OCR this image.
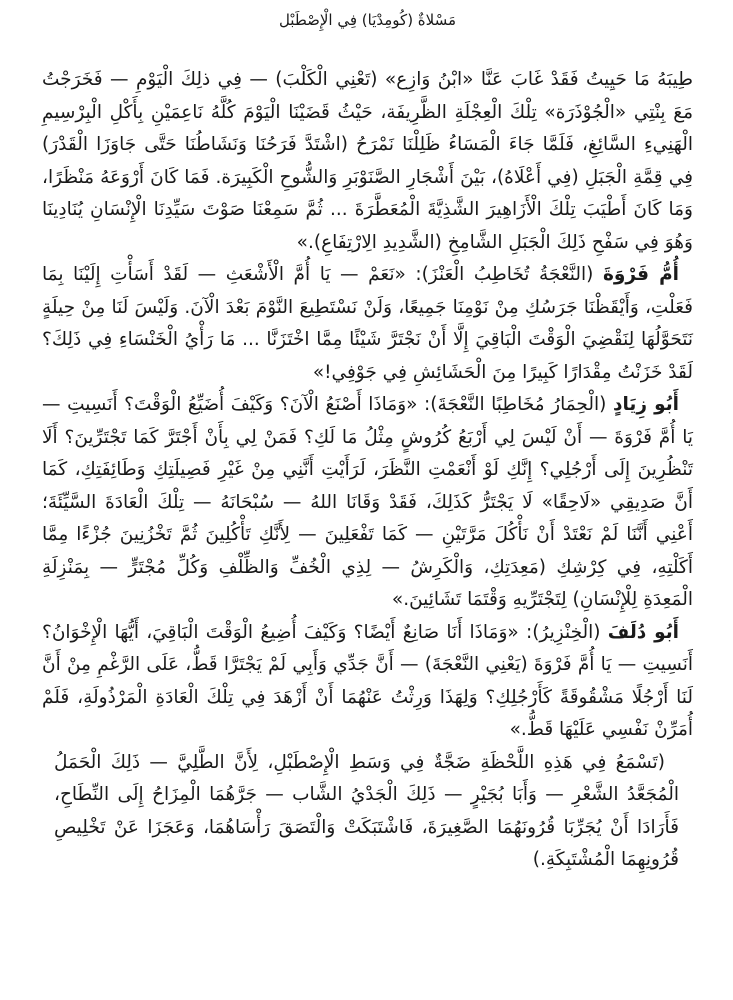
مَسْلاةٌ (كُومِدْيَا) فِي الْإِصْطَبْل

طِيبَهُ مَا حَيِيتُ فَقَدْ غَابَ عَنَّا «ابْنُ وَازِع» (تَعْنِي الْكَلْبَ) — فِي ذلِكَ الْيَوْمِ — فَخَرَجْتُ مَعَ بِنْتِي «الْجُوْذَرَة» تِلْكَ الْعِجْلَةِ الظَّرِيفَة، حَيْثُ قَضَيْنَا الْيَوْمَ كُلَّهُ نَاعِمَيْنِ بِأَكْلِ الْبِرْسِيمِ الْهَنِيءِ السَّائِغِ، فَلَمَّا جَاءَ الْمَسَاءُ ظَلِلْنَا نَمْرَحُ (اشْتَدَّ فَرَحُنَا وَنَشَاطُنَا حَتَّى جَاوَزَا الْقَدْرَ) فِي قِمَّةِ الْجَبَلِ (فِي أَعْلَاهُ)، بَيْنَ أَشْجَارِ الصَّنَوْبَرِ وَالشُّوحِ الْكَبِيرَة. فَمَا كَانَ أَرْوَعَهُ مَنْظَرًا، وَمَا كَانَ أَطْيَبَ تِلْكَ الْأَزَاهِيرَ الشَّذِيَّةَ الْمُعَطَّرَةَ ... ثُمَّ سَمِعْنَا صَوْتَ سَيِّدِنَا الْإِنْسَانِ يُنَادِينَا وَهُوَ فِي سَفْحِ ذَلِكَ الْجَبَلِ الشَّامِخِ (الشَّدِيدِ الِارْتِفَاعِ).»

أُمُّ فَرْوَةَ (النَّعْجَةُ تُخَاطِبُ الْعَنْزَ): «نَعَمْ — يَا أُمَّ الْأَشْعَثِ — لَقَدْ أَسَأْتِ إِلَيْنَا بِمَا فَعَلْتِ، وَأَيْقَظْنَا جَرَسُكِ مِنْ نَوْمِنَا جَمِيعًا، وَلَنْ نَسْتَطِيعَ النَّوْمَ بَعْدَ الْآنَ. وَلَيْسَ لَنَا مِنْ حِيلَةٍ نَتَحَوَّلُهَا لِنَقْضِيَ الْوَقْتَ الْبَاقِيَ إِلَّا أَنْ نَجْتَرَّ شَيْئًا مِمَّا اخْتَزَنَّا ... مَا رَأْيُ الْخَنْسَاءِ فِي ذَلِكَ؟ لَقَدْ خَزَنْتُ مِقْدَارًا كَبِيرًا مِنَ الْحَشَائِشِ فِي جَوْفِي!»

أَبُو زِيَادٍ (الْحِمَارُ مُخَاطِبًا النَّعْجَةَ): «وَمَاذَا أَصْنَعُ الْآنَ؟ وَكَيْفَ أُضَيِّعُ الْوَقْتَ؟ أَنَسِيتِ — يَا أُمَّ فَرْوَةَ — أَنْ لَيْسَ لِي أَرْبَعُ كُرُوشٍ مِثْلُ مَا لَكِ؟ فَمَنْ لِي بِأَنْ أَجْتَرَّ كَمَا تَجْتَرِّينَ؟ أَلَا تَنْظُرِينَ إِلَى أَرْجُلِي؟ إِنَّكِ لَوْ أَنْعَمْتِ النَّظَرَ، لَرَأَيْتِ أَنَّنِي مِنْ غَيْرِ فَصِيلَتِكِ وَطَائِفَتِكِ، كَمَا أَنَّ صَدِيقِي «لَاحِقًا» لَا يَجْتَرُّ كَذَلِكَ، فَقَدْ وَقَانَا اللهُ — سُبْحَانَهُ — تِلْكَ الْعَادَةَ السَّيِّئَةَ؛ أَعْنِي أَنَّنَا لَمْ نَعْتَدْ أَنْ نَأْكُلَ مَرَّتَيْنِ — كَمَا تَفْعَلِينَ — لِأَنَّكِ تَأْكُلِينَ ثُمَّ تَخْزُنِينَ جُزْءًا مِمَّا أَكَلْتِهِ، فِي كِرْشِكِ (مَعِدَتِكِ، وَالْكَرِشُ — لِذِي الْخُفِّ وَالظِّلْفِ وَكُلِّ مُجْتَرٍّ — بِمَنْزِلَةِ الْمَعِدَةِ لِلْإِنْسَانِ) لِتَجْتَرِّيهِ وَقْتَمَا تَشَائِينَ.»

أَبُو دُلَفَ (الْخِنْزِيرُ): «وَمَاذَا أَنَا صَانِعٌ أَيْضًا؟ وَكَيْفَ أُضِيعُ الْوَقْتَ الْبَاقِيَ، أَيُّهَا الْإِخْوَانُ؟ أَنَسِيتِ — يَا أُمَّ فَرْوَةَ (يَعْنِي النَّعْجَةَ) — أَنَّ جَدِّي وَأَبِي لَمْ يَجْتَرَّا قَطُّ، عَلَى الرَّغْمِ مِنْ أَنَّ لَنَا أَرْجُلًا مَشْقُوقَةً كَأَرْجُلِكِ؟ وَلِهَذَا وَرِثْتُ عَنْهُمَا أَنْ أَزْهَدَ فِي تِلْكَ الْعَادَةِ الْمَرْذُولَةِ، فَلَمْ أُمَرِّنْ نَفْسِي عَلَيْهَا قَطُّ.»

(تَسْمَعُ فِي هَذِهِ اللَّحْظَةِ ضَجَّةٌ فِي وَسَطِ الْإِصْطَبْلِ، لِأَنَّ الطَّلِيَّ — ذَلِكَ الْحَمَلُ الْمُجَعَّدُ الشَّعْرِ — وَأَبَا بُجَيْرٍ — ذَلِكَ الْجَدْيُ الشَّاب — جَرَّهُمَا الْمِزَاحُ إِلَى النِّطَاحِ، فَأَرَادَا أَنْ يُجَرِّبَا قُرُونَهُمَا الصَّغِيرَةَ، فَاشْتَبَكَتْ وَالْتَصَقَ رَأْسَاهُمَا، وَعَجَزَا عَنْ تَخْلِيصِ قُرُونِهِمَا الْمُشْتَبِكَةِ.)
